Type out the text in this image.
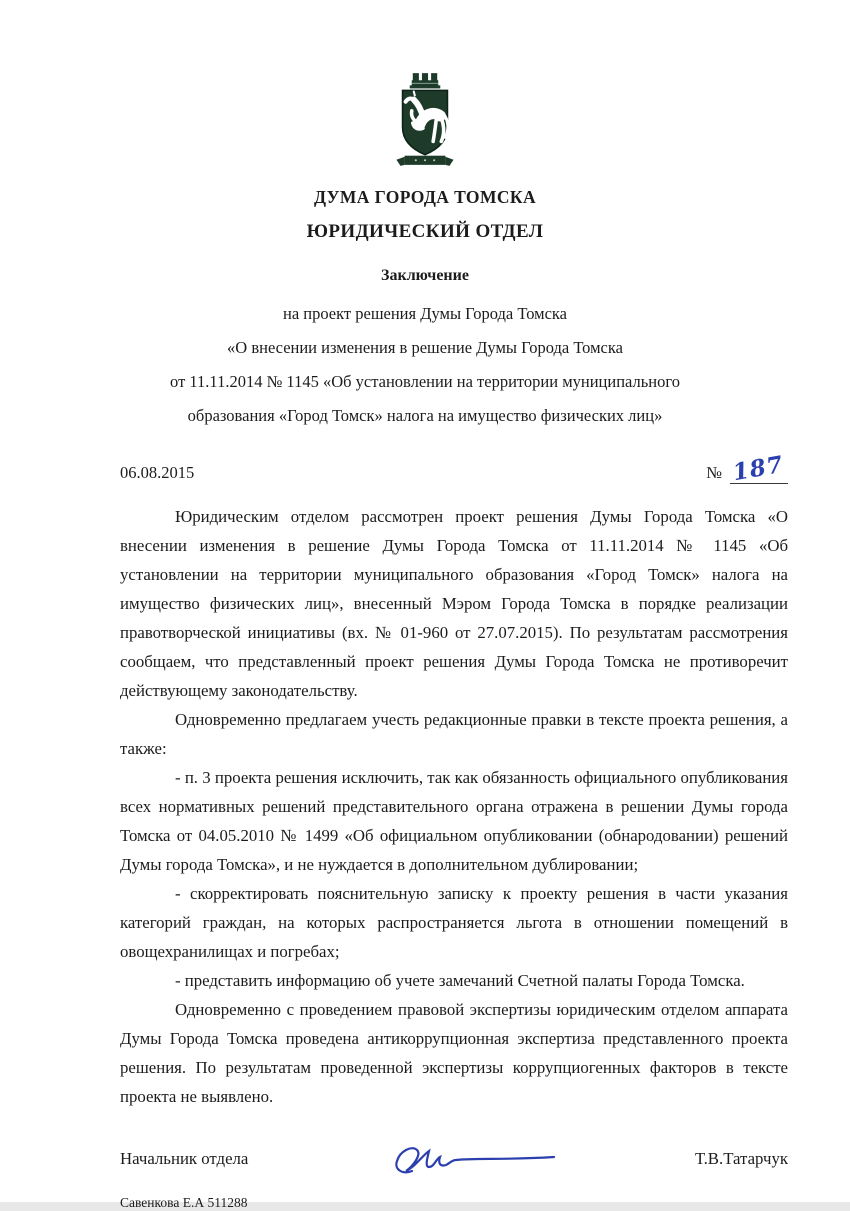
ДУМА ГОРОДА ТОМСКА
ЮРИДИЧЕСКИЙ ОТДЕЛ
Заключение
на проект решения Думы Города Томска
«О внесении изменения в решение Думы Города Томска
от 11.11.2014 № 1145 «Об установлении на территории муниципального
образования «Город Томск» налога на имущество физических лиц»
06.08.2015	№ 187

Юридическим отделом рассмотрен проект решения Думы Города Томска «О внесении изменения в решение Думы Города Томска от 11.11.2014 № 1145 «Об установлении на территории муниципального образования «Город Томск» налога на имущество физических лиц», внесенный Мэром Города Томска в порядке реализации правотворческой инициативы (вх. № 01-960 от 27.07.2015). По результатам рассмотрения сообщаем, что представленный проект решения Думы Города Томска не противоречит действующему законодательству.

Одновременно предлагаем учесть редакционные правки в тексте проекта решения, а также:

- п. 3 проекта решения исключить, так как обязанность официального опубликования всех нормативных решений представительного органа отражена в решении Думы города Томска от 04.05.2010 № 1499 «Об официальном опубликовании (обнародовании) решений Думы города Томска», и не нуждается в дополнительном дублировании;

- скорректировать пояснительную записку к проекту решения в части указания категорий граждан, на которых распространяется льгота в отношении помещений в овощехранилищах и погребах;

- представить информацию об учете замечаний Счетной палаты Города Томска.

Одновременно с проведением правовой экспертизы юридическим отделом аппарата Думы Города Томска проведена антикоррупционная экспертиза представленного проекта решения. По результатам проведенной экспертизы коррупциогенных факторов в тексте проекта не выявлено.

Начальник отдела	Т.В.Татарчук
Савенкова Е.А 511288
